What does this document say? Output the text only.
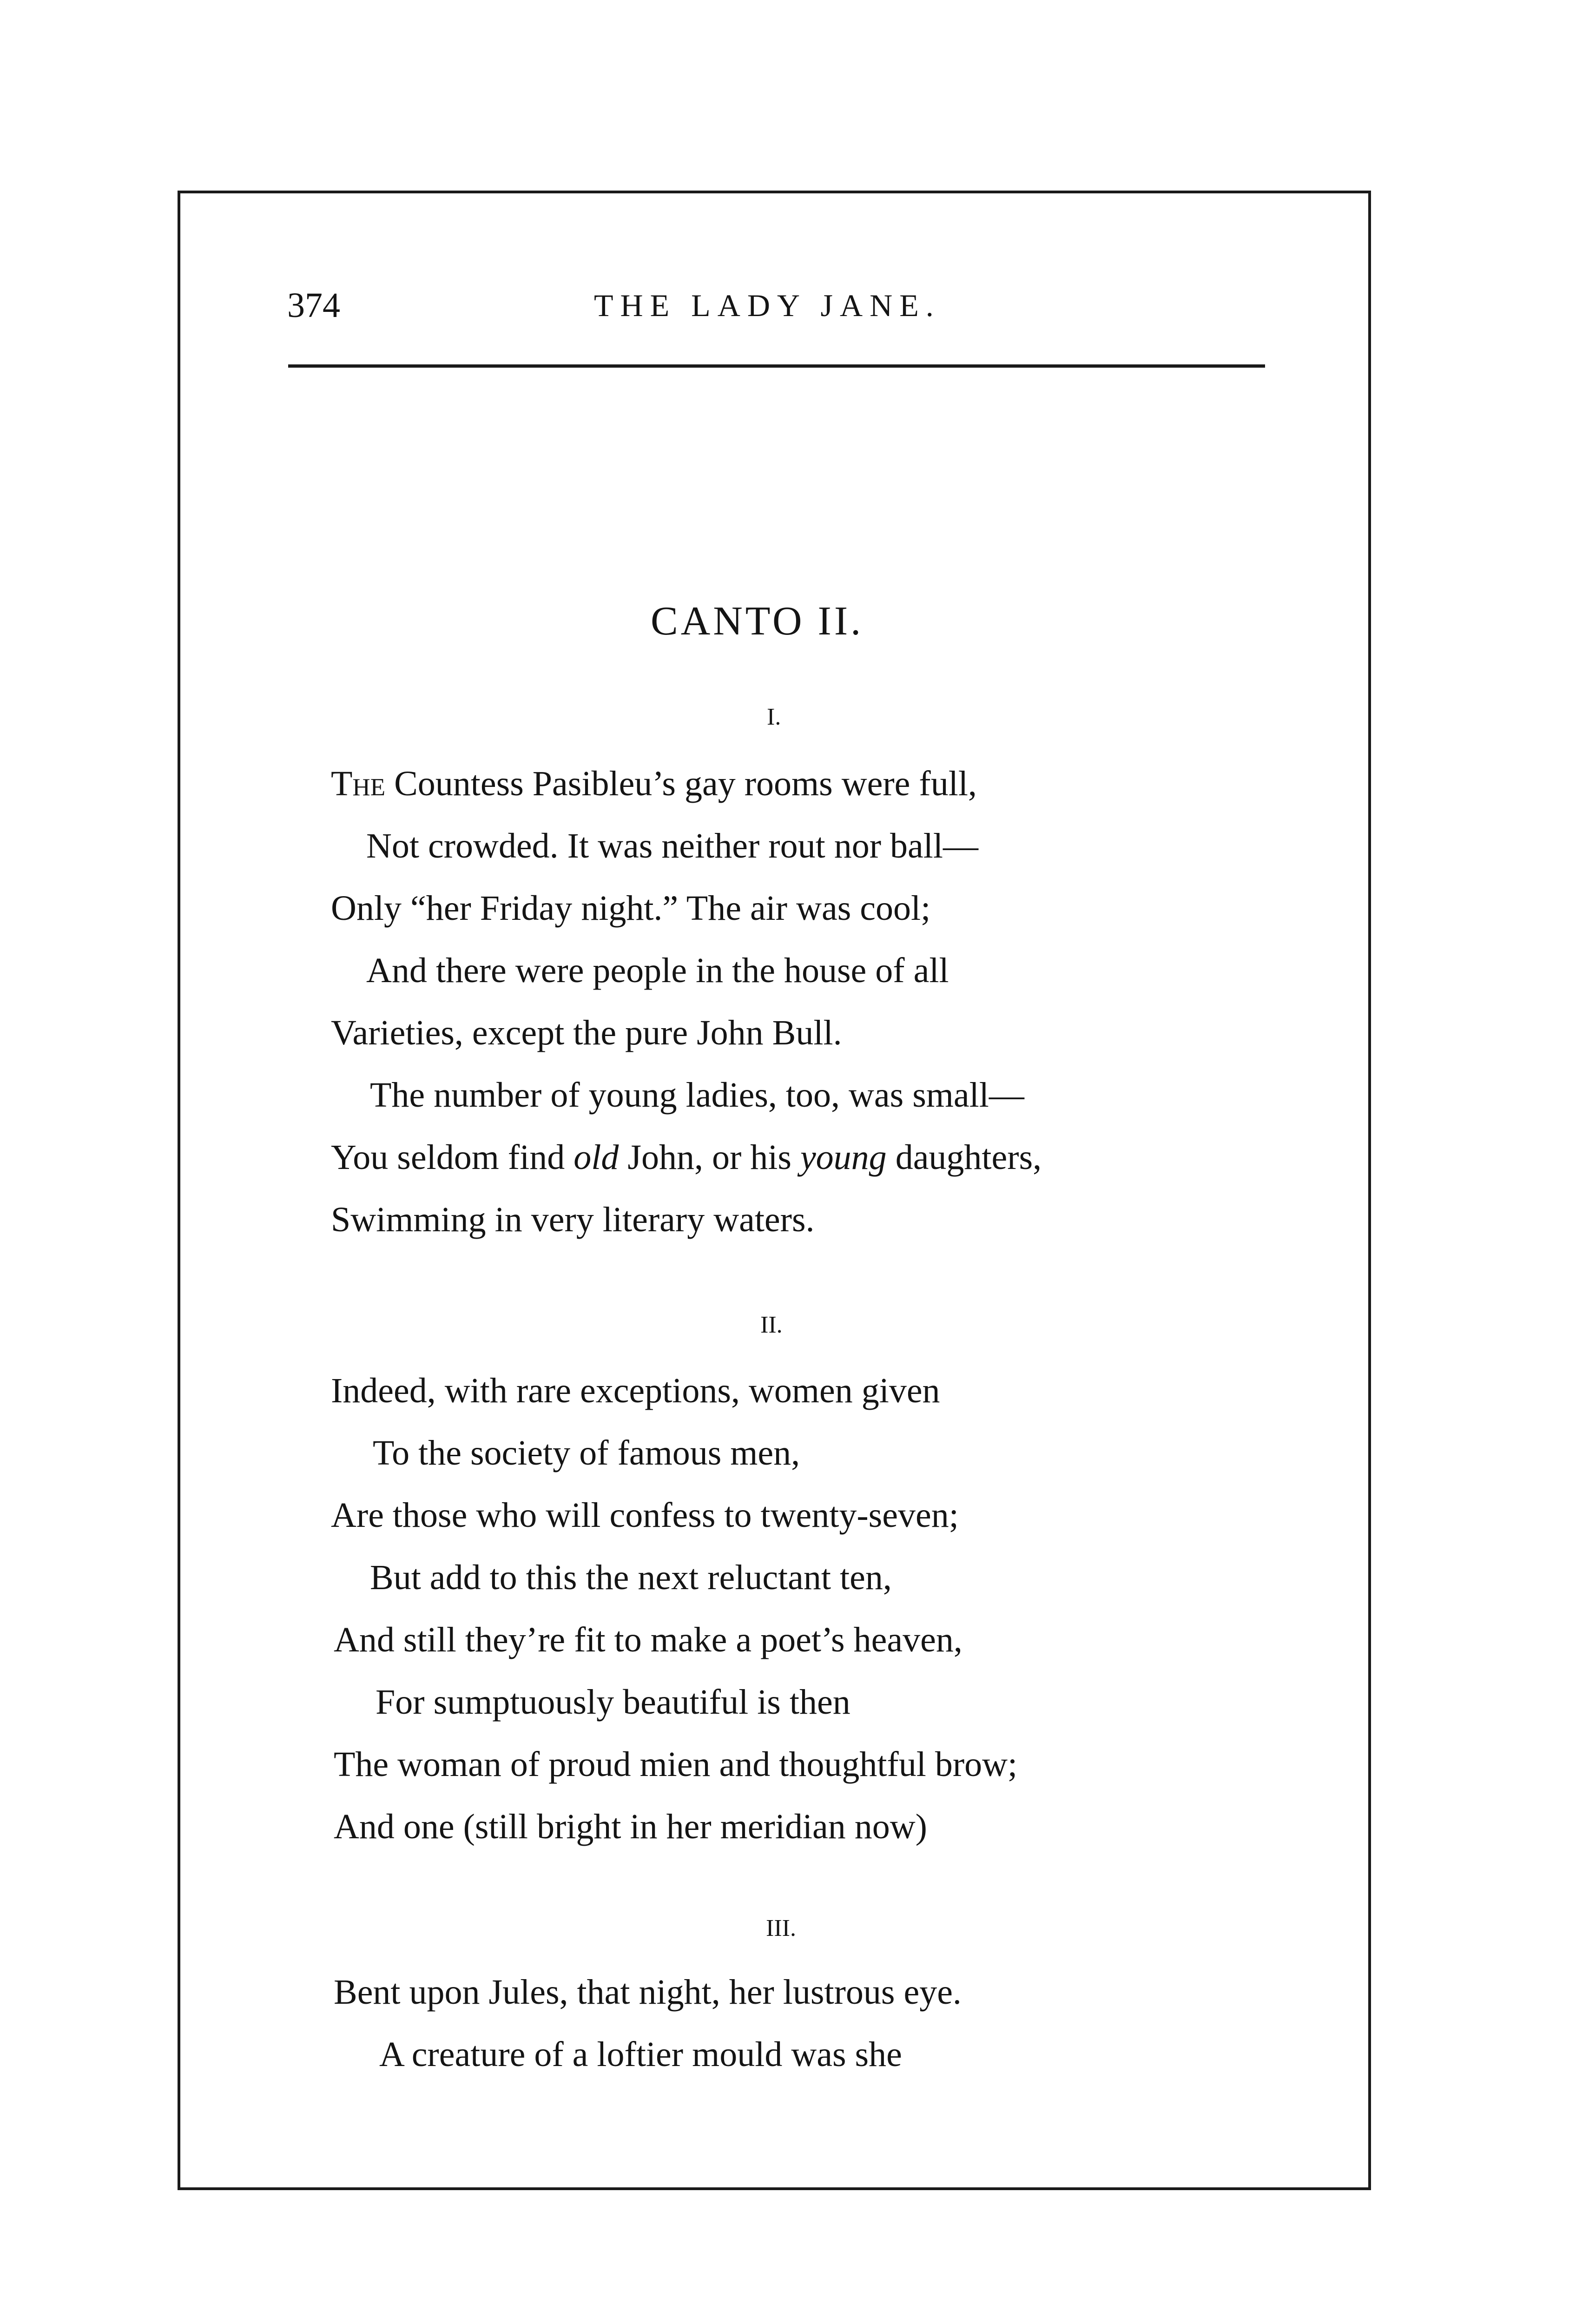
374	THE LADY JANE.
CANTO II.
I.
The Countess Pasibleu’s gay rooms were full,
Not crowded. It was neither rout nor ball—
Only “her Friday night.” The air was cool;
And there were people in the house of all
Varieties, except the pure John Bull.
The number of young ladies, too, was small—
You seldom find old John, or his young daughters,
Swimming in very literary waters.
II.
Indeed, with rare exceptions, women given
To the society of famous men,
Are those who will confess to twenty-seven;
But add to this the next reluctant ten,
And still they’re fit to make a poet’s heaven,
For sumptuously beautiful is then
The woman of proud mien and thoughtful brow;
And one (still bright in her meridian now)
III.
Bent upon Jules, that night, her lustrous eye.
A creature of a loftier mould was she
